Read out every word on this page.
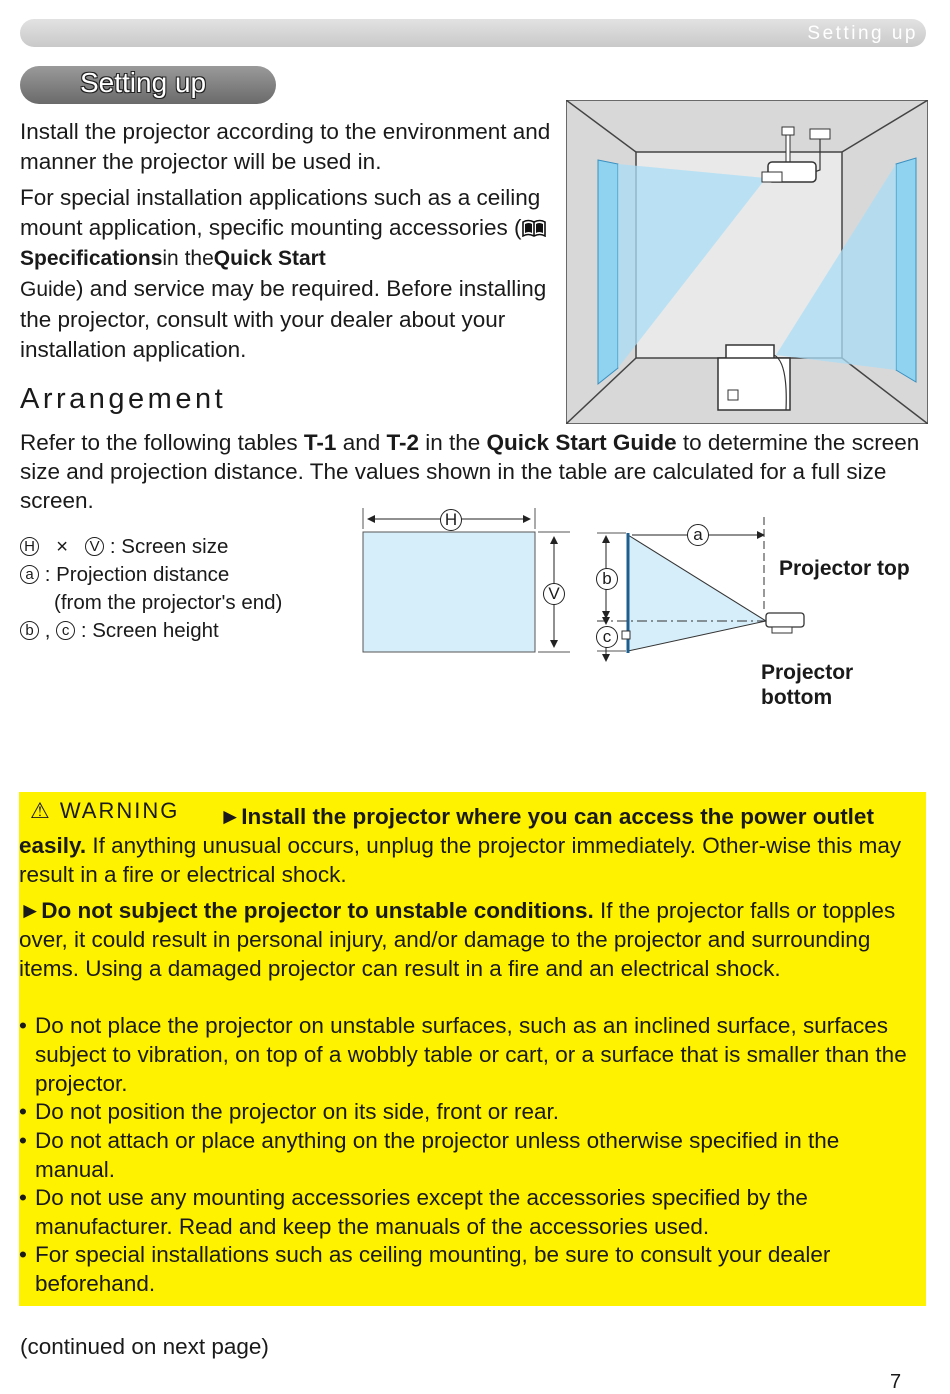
Setting up
Setting up
Install the projector according to the environment and manner the projector will be used in.
For special installation applications such as a ceiling mount application, specific mounting accessories (Specificationsin theQuick Start
Guide) and service may be required. Before installing the projector, consult with your dealer about your installation application.
Arrangement
Refer to the following tables T-1 and T-2 in the Quick Start Guide to determine the screen size and projection distance. The values shown in the table are calculated for a full size screen.
H × V : Screen size
a : Projection distance
(from the projector's end)
b , c : Screen height
H
V
a
b
c
Projector top
Projector
bottom
⚠ WARNING	►Install the projector where you can access the power outlet easily. If anything unusual occurs, unplug the projector immediately. Other-wise this may result in a fire or electrical shock.
►Do not subject the projector to unstable conditions. If the projector falls or topples over, it could result in personal injury, and/or damage to the projector and surrounding items. Using a damaged projector can result in a fire and an electrical shock.
• Do not place the projector on unstable surfaces, such as an inclined surface, surfaces subject to vibration, on top of a wobbly table or cart, or a surface that is smaller than the projector.
• Do not position the projector on its side, front or rear.
• Do not attach or place anything on the projector unless otherwise specified in the manual.
• Do not use any mounting accessories except the accessories specified by the manufacturer. Read and keep the manuals of the accessories used.
• For special installations such as ceiling mounting, be sure to consult your dealer beforehand.
(continued on next page)
7
